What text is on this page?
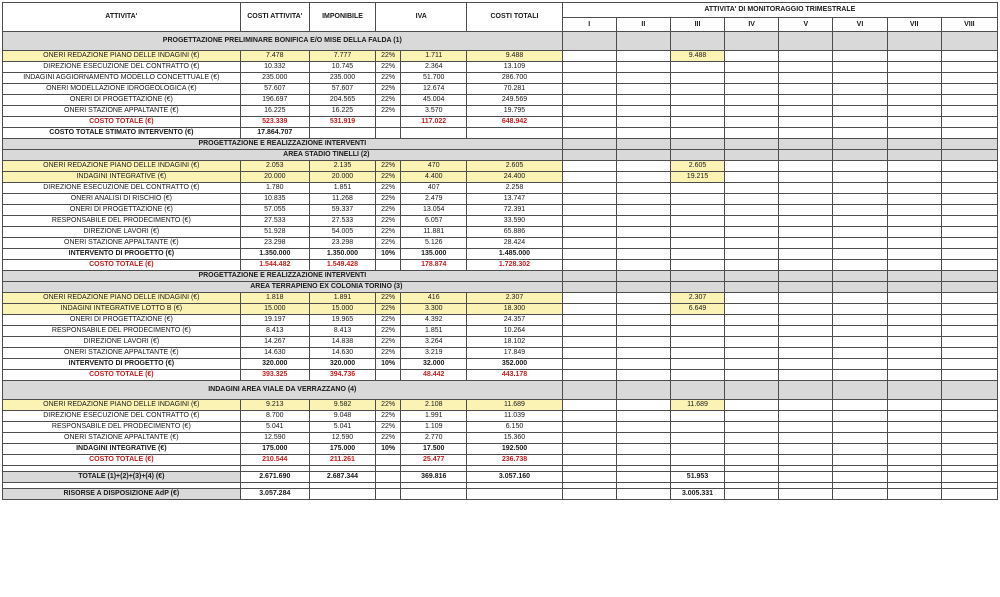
ATTIVITA'	COSTI ATTIVITA'	IMPONIBILE	IVA		COSTI TOTALI	ATTIVITA' DI MONITORAGGIO TRIMESTRALE							
						I	II	III	IV	V	VI	VII	VIII
PROGETTAZIONE PRELIMINARE BONIFICA E/O MISE DELLA FALDA (1)													
ONERI REDAZIONE PIANO DELLE INDAGINI (€)	7.478	7.777	22%	1.711	9.488			9.488					
DIREZIONE ESECUZIONE DEL CONTRATTO (€)	10.332	10.745	22%	2.364	13.109								
INDAGINI AGGIORNAMENTO MODELLO CONCETTUALE (€)	235.000	235.000	22%	51.700	286.700								
ONERI MODELLAZIONE IDROGEOLOGICA (€)	57.607	57.607	22%	12.674	70.281								
ONERI DI PROGETTAZIONE (€)	196.697	204.565	22%	45.004	249.569								
ONERI STAZIONE APPALTANTE (€)	16.225	16.225	22%	3.570	19.795								
COSTO TOTALE (€)	523.339	531.919		117.022	648.942								
COSTO TOTALE STIMATO INTERVENTO (€)	17.864.707												
PROGETTAZIONE E REALIZZAZIONE INTERVENTI													
AREA STADIO TINELLI (2)													
ONERI REDAZIONE PIANO DELLE INDAGINI (€)	2.053	2.135	22%	470	2.605			2.605					
INDAGINI INTEGRATIVE (€)	20.000	20.000	22%	4.400	24.400			19.215					
DIREZIONE ESECUZIONE DEL CONTRATTO (€)	1.780	1.851	22%	407	2.258								
ONERI ANALISI DI RISCHIO (€)	10.835	11.268	22%	2.479	13.747								
ONERI DI PROGETTAZIONE (€)	57.055	59.337	22%	13.054	72.391								
RESPONSABILE DEL PRODECIMENTO (€)	27.533	27.533	22%	6.057	33.590								
DIREZIONE LAVORI (€)	51.928	54.005	22%	11.881	65.886								
ONERI STAZIONE APPALTANTE (€)	23.298	23.298	22%	5.126	28.424								
INTERVENTO DI PROGETTO (€)	1.350.000	1.350.000	10%	135.000	1.485.000								
COSTO TOTALE (€)	1.544.482	1.549.428		178.874	1.728.302								
PROGETTAZIONE E REALIZZAZIONE INTERVENTI													
AREA TERRAPIENO EX COLONIA TORINO (3)													
ONERI REDAZIONE PIANO DELLE INDAGINI (€)	1.818	1.891	22%	416	2.307			2.307					
INDAGINI INTEGRATIVE LOTTO B (€)	15.000	15.000	22%	3.300	18.300			6.649					
ONERI DI PROGETTAZIONE (€)	19.197	19.965	22%	4.392	24.357								
RESPONSABILE DEL PRODECIMENTO (€)	8.413	8.413	22%	1.851	10.264								
DIREZIONE LAVORI (€)	14.267	14.838	22%	3.264	18.102								
ONERI STAZIONE APPALTANTE (€)	14.630	14.630	22%	3.219	17.849								
INTERVENTO DI PROGETTO (€)	320.000	320.000	10%	32.000	352.000								
COSTO TOTALE (€)	393.325	394.736		48.442	443.178								
INDAGINI AREA VIALE DA VERRAZZANO (4)													
ONERI REDAZIONE PIANO DELLE INDAGINI (€)	9.213	9.582	22%	2.108	11.689			11.689					
DIREZIONE ESECUZIONE DEL CONTRATTO (€)	8.700	9.048	22%	1.991	11.039								
RESPONSABILE DEL PRODECIMENTO (€)	5.041	5.041	22%	1.109	6.150								
ONERI STAZIONE APPALTANTE (€)	12.590	12.590	22%	2.770	15.360								
INDAGINI INTEGRATIVE (€)	175.000	175.000	10%	17.500	192.500								
COSTO TOTALE (€)	210.544	211.261		25.477	236.738								

TOTALE (1)+(2)+(3)+(4) (€)	2.671.690	2.687.344		369.816	3.057.160			51.953					

RISORSE A DISPOSIZIONE AdP (€)	3.057.284							3.005.331					
